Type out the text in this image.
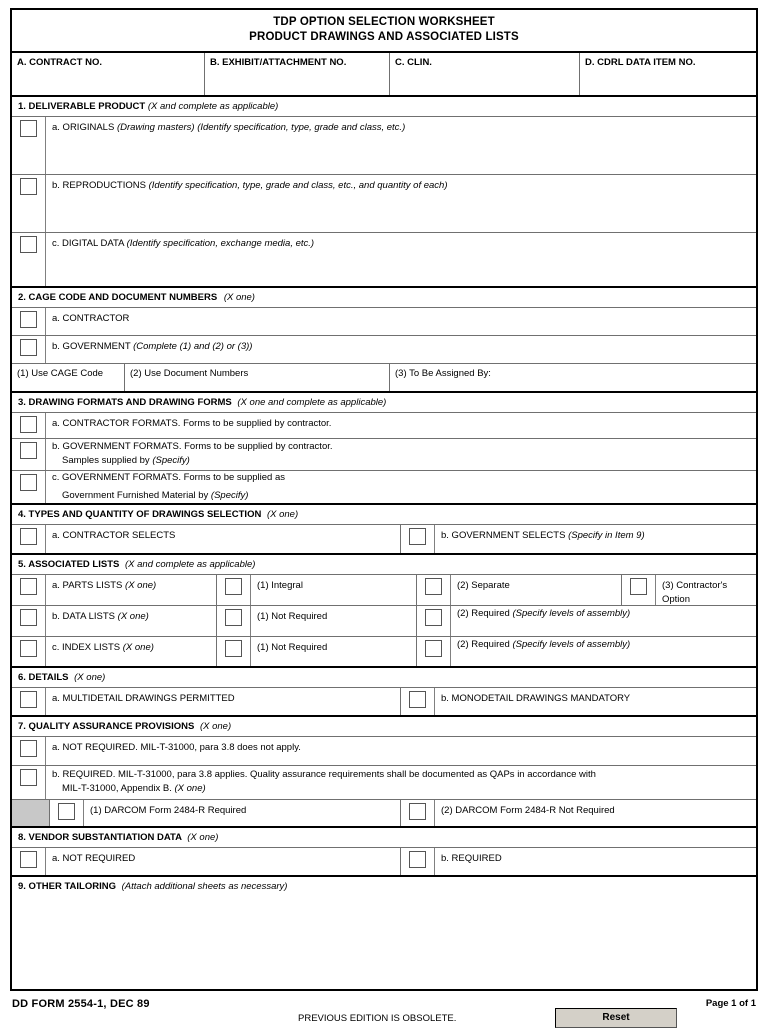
TDP OPTION SELECTION WORKSHEET
PRODUCT DRAWINGS AND ASSOCIATED LISTS
A. CONTRACT NO.	B. EXHIBIT/ATTACHMENT NO.	C. CLIN.	D. CDRL DATA ITEM NO.
1. DELIVERABLE PRODUCT (X and complete as applicable)
a. ORIGINALS (Drawing masters) (Identify specification, type, grade and class, etc.)
b. REPRODUCTIONS (Identify specification, type, grade and class, etc., and quantity of each)
c. DIGITAL DATA (Identify specification, exchange media, etc.)
2. CAGE CODE AND DOCUMENT NUMBERS (X one)
a. CONTRACTOR
b. GOVERNMENT (Complete (1) and (2) or (3))
(1) Use CAGE Code	(2) Use Document Numbers	(3) To Be Assigned By:
3. DRAWING FORMATS AND DRAWING FORMS (X one and complete as applicable)
a. CONTRACTOR FORMATS. Forms to be supplied by contractor.
b. GOVERNMENT FORMATS. Forms to be supplied by contractor.
Samples supplied by (Specify)
c. GOVERNMENT FORMATS. Forms to be supplied as
Government Furnished Material by (Specify)
4. TYPES AND QUANTITY OF DRAWINGS SELECTION (X one)
a. CONTRACTOR SELECTS	b. GOVERNMENT SELECTS (Specify in Item 9)
5. ASSOCIATED LISTS (X and complete as applicable)
a. PARTS LISTS (X one)	(1) Integral	(2) Separate	(3) Contractor's Option
b. DATA LISTS (X one)	(1) Not Required	(2) Required (Specify levels of assembly)
c. INDEX LISTS (X one)	(1) Not Required	(2) Required (Specify levels of assembly)
6. DETAILS (X one)
a. MULTIDETAIL DRAWINGS PERMITTED	b. MONODETAIL DRAWINGS MANDATORY
7. QUALITY ASSURANCE PROVISIONS (X one)
a. NOT REQUIRED. MIL-T-31000, para 3.8 does not apply.
b. REQUIRED. MIL-T-31000, para 3.8 applies. Quality assurance requirements shall be documented as QAPs in accordance with
MIL-T-31000, Appendix B. (X one)
(1) DARCOM Form 2484-R Required	(2) DARCOM Form 2484-R Not Required
8. VENDOR SUBSTANTIATION DATA (X one)
a. NOT REQUIRED	b. REQUIRED
9. OTHER TAILORING (Attach additional sheets as necessary)
DD FORM 2554-1, DEC 89
PREVIOUS EDITION IS OBSOLETE.
Page 1 of 1
Reset
